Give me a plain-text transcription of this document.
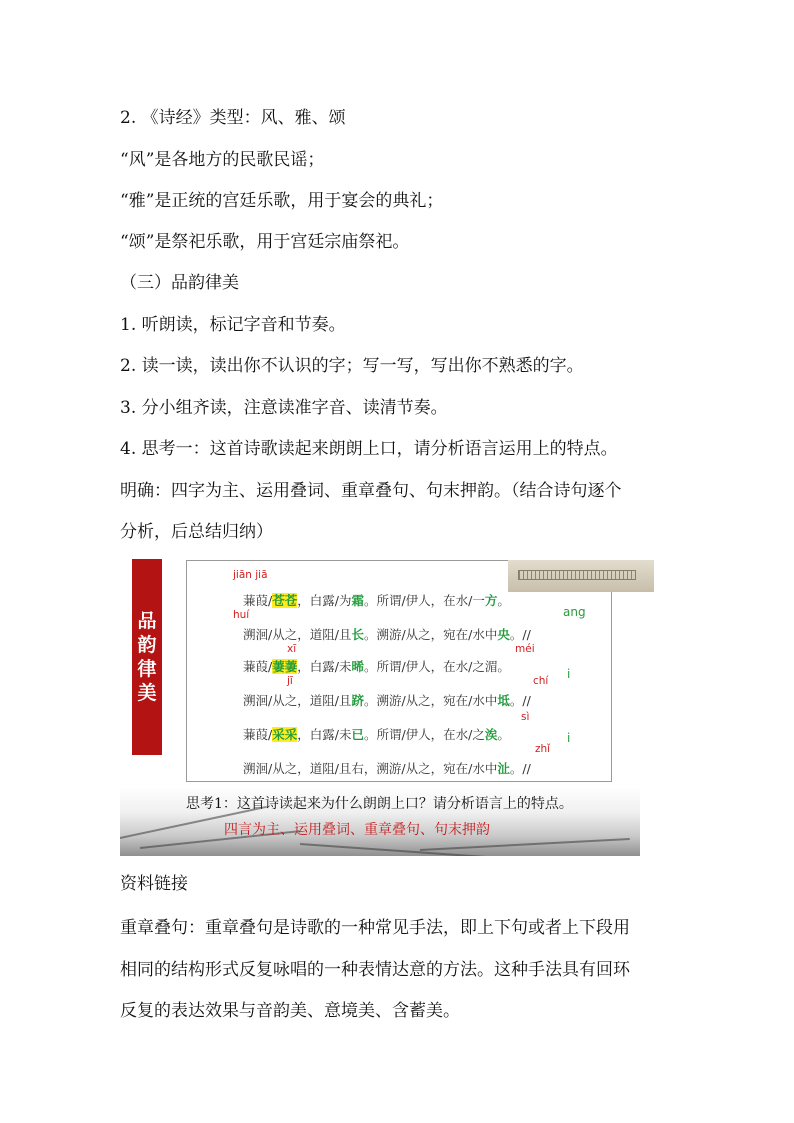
2. 《诗经》类型：风、雅、颂
“风”是各地方的民歌民谣；
“雅”是正统的宫廷乐歌，用于宴会的典礼；
“颂”是祭祀乐歌，用于宫廷宗庙祭祀。
（三）品韵律美
1. 听朗读，标记字音和节奏。
2. 读一读，读出你不认识的字；写一写，写出你不熟悉的字。
3. 分小组齐读，注意读准字音、读清节奏。
4. 思考一：这首诗歌读起来朗朗上口，请分析语言运用上的特点。
明确：四字为主、运用叠词、重章叠句、句末押韵。（结合诗句逐个
分析，后总结归纳）
品
韵
律
美
jiān jiā
huí
xī	méi
jī	chí
sì
zhǐ
ang
i
i
蒹葭/苍苍，白露/为霜。所谓/伊人，在水/一方。
溯洄/从之，道阻/且长。溯游/从之，宛在/水中央。//
蒹葭/萋萋，白露/未晞。所谓/伊人，在水/之湄。
溯洄/从之，道阻/且跻。溯游/从之，宛在/水中坻。//
蒹葭/采采，白露/未已。所谓/伊人，在水/之涘。
溯洄/从之，道阻/且右，溯游/从之，宛在/水中沚。//
思考1：这首诗读起来为什么朗朗上口？请分析语言上的特点。
四言为主、运用叠词、重章叠句、句末押韵
资料链接
重章叠句：重章叠句是诗歌的一种常见手法，即上下句或者上下段用
相同的结构形式反复咏唱的一种表情达意的方法。这种手法具有回环
反复的表达效果与音韵美、意境美、含蓄美。
